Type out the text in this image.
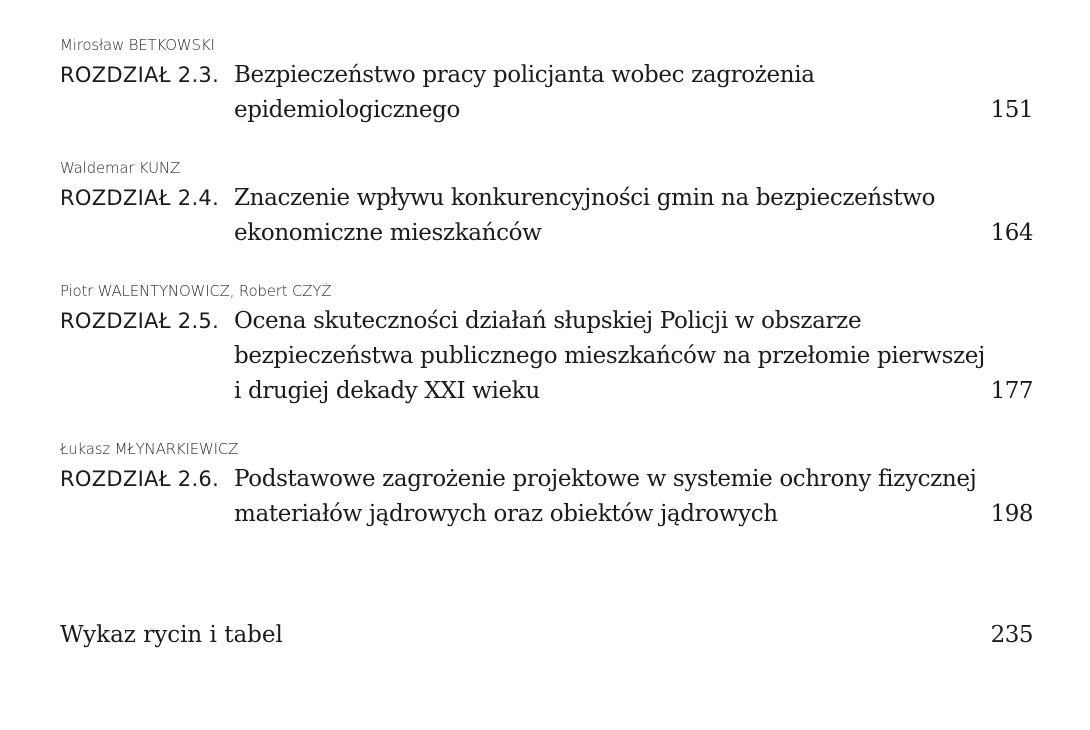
Mirosław BETKOWSKI
ROZDZIAŁ 2.3. Bezpieczeństwo pracy policjanta wobec zagrożenia
epidemiologicznego	151
Waldemar KUNZ
ROZDZIAŁ 2.4. Znaczenie wpływu konkurencyjności gmin na bezpieczeństwo
ekonomiczne mieszkańców	164
Piotr WALENTYNOWICZ, Robert CZYŻ
ROZDZIAŁ 2.5. Ocena skuteczności działań słupskiej Policji w obszarze
bezpieczeństwa publicznego mieszkańców na przełomie pierwszej
i drugiej dekady XXI wieku	177
Łukasz MŁYNARKIEWICZ
ROZDZIAŁ 2.6. Podstawowe zagrożenie projektowe w systemie ochrony fizycznej
materiałów jądrowych oraz obiektów jądrowych	198
Wykaz rycin i tabel	235
